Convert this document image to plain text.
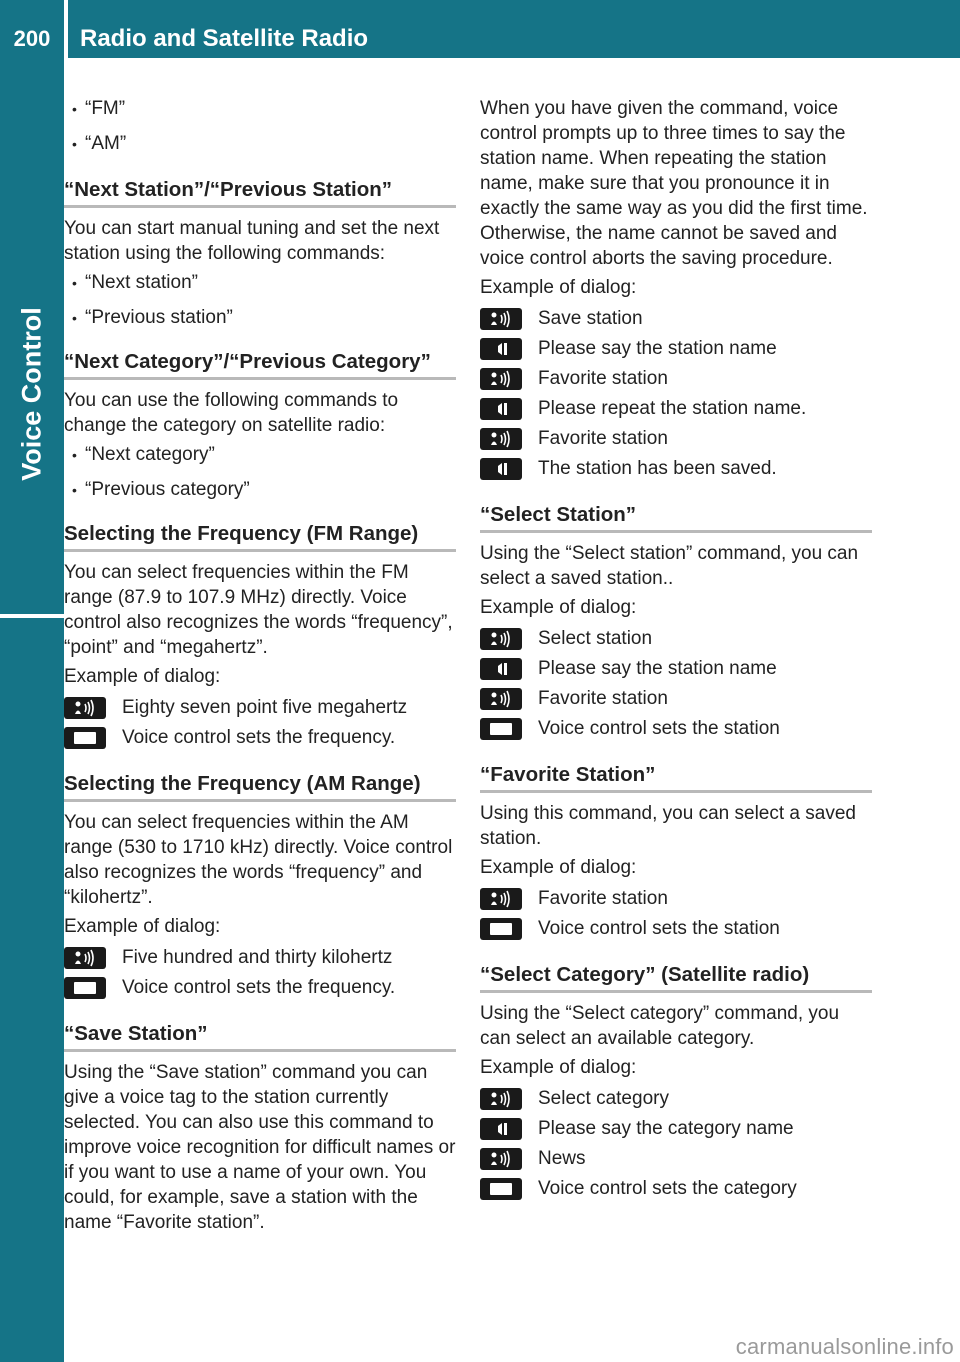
200	Radio and Satellite Radio
Voice Control
• “FM”
• “AM”
“Next Station”/“Previous Station”

You can start manual tuning and set the next station using the following commands:

• “Next station”
• “Previous station”
“Next Category”/“Previous Category”

You can use the following commands to change the category on satellite radio:

• “Next category”
• “Previous category”
Selecting the Frequency (FM Range)

You can select frequencies within the FM range (87.9 to 107.9 MHz) directly. Voice control also recognizes the words “frequency”, “point” and “megahertz”.

Example of dialog:

Eighty seven point five megahertz
Voice control sets the frequency.
Selecting the Frequency (AM Range)

You can select frequencies within the AM range (530 to 1710 kHz) directly. Voice control also recognizes the words “frequency” and “kilohertz”.

Example of dialog:

Five hundred and thirty kilohertz
Voice control sets the frequency.
“Save Station”

Using the “Save station” command you can give a voice tag to the station currently selected. You can also use this command to improve voice recognition for difficult names or if you want to use a name of your own. You could, for example, save a station with the name “Favorite station”.

When you have given the command, voice control prompts up to three times to say the station name. When repeating the station name, make sure that you pronounce it in exactly the same way as you did the first time. Otherwise, the name cannot be saved and voice control aborts the saving procedure.

Example of dialog:

Save station
Please say the station name
Favorite station
Please repeat the station name.
Favorite station
The station has been saved.
“Select Station”

Using the “Select station” command, you can select a saved station..

Example of dialog:

Select station
Please say the station name
Favorite station
Voice control sets the station
“Favorite Station”

Using this command, you can select a saved station.

Example of dialog:

Favorite station
Voice control sets the station
“Select Category” (Satellite radio)

Using the “Select category” command, you can select an available category.

Example of dialog:

Select category
Please say the category name
News
Voice control sets the category
carmanualsonline.info
